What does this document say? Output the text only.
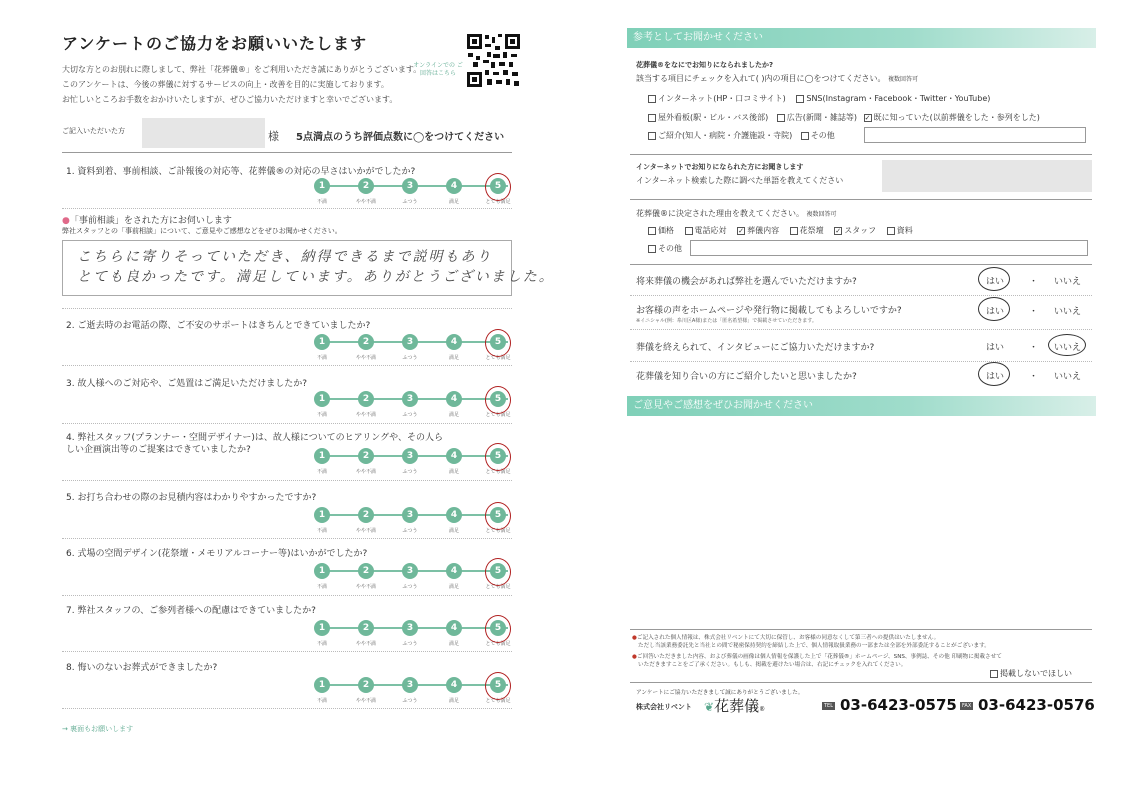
アンケートのご協力をお願いいたします
大切な方とのお別れに際しまして、弊社「花葬儀®」をご利用いただき誠にありがとうございます。
このアンケートは、今後の葬儀に対するサービスの向上・改善を目的に実施しております。
お忙しいところお手数をおかけいたしますが、ぜひご協力いただけますと幸いでございます。
オンラインでの ご回答はこちら
ご記入いただいた方	様 5点満点のうち評価点数に◯をつけてください
1. 資料到着、事前相談、ご訃報後の対応等、花葬儀®の対応の早さはいかがでしたか?
1
不満
2
やや不満
3
ふつう
4
満足
5
とても満足
●「事前相談」をされた方にお伺いします
弊社スタッフとの「事前相談」について、ご意見やご感想などをぜひお聞かせください。
こちらに寄りそっていただき、納得できるまで説明もあり
とても良かったです。満足しています。ありがとうございました。
2. ご逝去時のお電話の際、ご不安のサポートはきちんとできていましたか?
1
不満
2
やや不満
3
ふつう
4
満足
5
とても満足
3. 故人様へのご対応や、ご処置はご満足いただけましたか?
1
不満
2
やや不満
3
ふつう
4
満足
5
とても満足
4. 弊社スタッフ(プランナー・空間デザイナー)は、故人様についてのヒアリングや、その人らしい企画演出等のご提案はできていましたか?
1
不満
2
やや不満
3
ふつう
4
満足
5
とても満足
5. お打ち合わせの際のお見積内容はわかりやすかったですか?
1
不満
2
やや不満
3
ふつう
4
満足
5
とても満足
6. 式場の空間デザイン(花祭壇・メモリアルコーナー等)はいかがでしたか?
1
不満
2
やや不満
3
ふつう
4
満足
5
とても満足
7. 弊社スタッフの、ご参列者様への配慮はできていましたか?
1
不満
2
やや不満
3
ふつう
4
満足
5
とても満足
8. 悔いのないお葬式ができましたか?
1
不満
2
やや不満
3
ふつう
4
満足
5
とても満足
→ 裏面もお願いします
参考としてお聞かせください
花葬儀®をなにでお知りになられましたか?
該当する項目にチェックを入れて( )内の項目に◯をつけてください。 複数回答可
インターネット(HP・口コミサイト)	SNS(Instagram・Facebook・Twitter・YouTube)
屋外看板(駅・ビル・バス後部) 広告(新聞・雑誌等) ✓ 既に知っていた(以前葬儀をした・参列をした)
ご紹介(知人・病院・介護施設・寺院) その他
インターネットでお知りになられた方にお聞きします
インターネット検索した際に調べた単語を教えてください
花葬儀®に決定された理由を教えてください。 複数回答可
価格	電話応対 ✓ 葬儀内容	花祭壇 ✓ スタッフ	資料
その他
将来葬儀の機会があれば弊社を選んでいただけますか?	はい	・ いいえ
お客様の声をホームページや発行物に掲載してもよろしいですか?
※イニシャル(例：糸川区A様)または「匿名希望様」で掲載させていただきます。
はい	・ いいえ
葬儀を終えられて、インタビューにご協力いただけますか?	はい	・ いいえ
花葬儀を知り合いの方にご紹介したいと思いましたか?	はい	・ いいえ
ご意見やご感想をぜひお聞かせください
●ご記入された個人情報は、株式会社リベントにて大切に保管し、お客様の同意なくして第三者への提供はいたしません。
ただし当該業務委託先と当社との間で秘密保持契約を締結した上で、個人情報取扱業務の一部または全部を外部委託することがございます。
●ご回答いただきました内容、および葬儀の画像は個人情報を保護した上で「花葬儀®」ホームページ、SNS、事例誌、その他 印刷物に掲載させて
いただきますことをご了承ください。もしも、掲載を避けたい場合は、右記にチェックを入れてください。
掲載しないでほしい
アンケートにご協力いただきまして誠にありがとうございました。
株式会社リベント ❦花葬儀®	TEL 03-6423-0575	FAX 03-6423-0576
